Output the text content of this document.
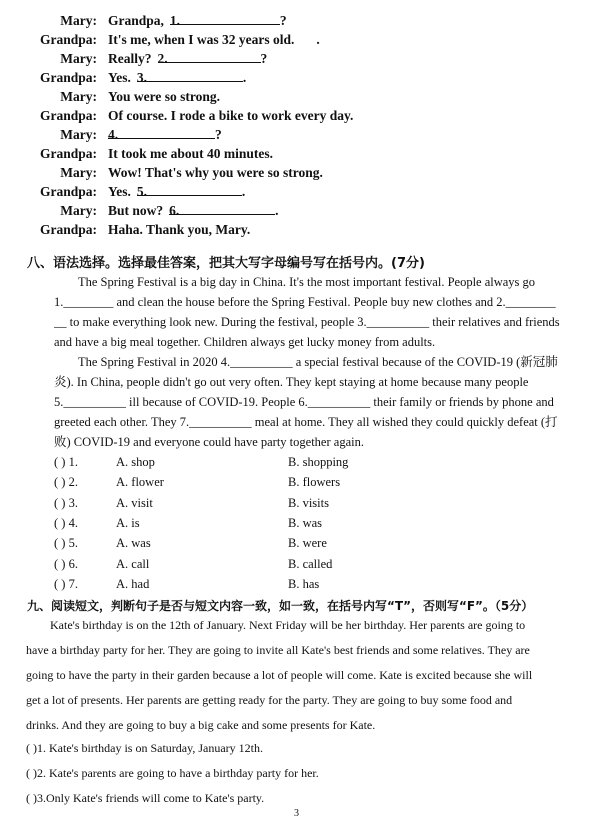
Mary: Grandpa, 1.	?
Grandpa: It's me, when I was 32 years old. .
Mary: Really? 2.	?
Grandpa: Yes. 3.	.
Mary: You were so strong.
Grandpa: Of course. I rode a bike to work every day.
Mary: 4.	?
Grandpa: It took me about 40 minutes.
Mary: Wow! That's why you were so strong.
Grandpa: Yes. 5.	.
Mary: But now? 6.	.
Grandpa: Haha. Thank you, Mary.
八、语法选择。选择最佳答案，把其大写字母编号写在括号内。(7分)
The Spring Festival is a big day in China. It's the most important festival. People always go
1.________ and clean the house before the Spring Festival. People buy new clothes and 2.________
__ to make everything look new. During the festival, people 3.__________ their relatives and friends
and have a big meal together. Children always get lucky money from adults.
The Spring Festival in 2020 4.__________ a special festival because of the COVID-19 (新冠肺
炎). In China, people didn't go out very often. They kept staying at home because many people
5.__________ ill because of COVID-19. People 6.__________ their family or friends by phone and
greeted each other. They 7.__________ meal at home. They all wished they could quickly defeat (打
败) COVID-19 and everyone could have party together again.
( ) 1.	A. shop	B. shopping
( ) 2.	A. flower	B. flowers
( ) 3.	A. visit	B. visits
( ) 4.	A. is	B. was
( ) 5.	A. was	B. were
( ) 6.	A. call	B. called
( ) 7.	A. had	B. has
九、阅读短文，判断句子是否与短文内容一致，如一致，在括号内写“T”，否则写“F”。（5分）
Kate's birthday is on the 12th of January. Next Friday will be her birthday. Her parents are going to
have a birthday party for her. They are going to invite all Kate's best friends and some relatives. They are
going to have the party in their garden because a lot of people will come. Kate is excited because she will
get a lot of presents. Her parents are getting ready for the party. They are going to buy some food and
drinks. And they are going to buy a big cake and some presents for Kate.
( )1. Kate's birthday is on Saturday, January 12th.
( )2. Kate's parents are going to have a birthday party for her.
( )3.Only Kate's friends will come to Kate's party.
3
